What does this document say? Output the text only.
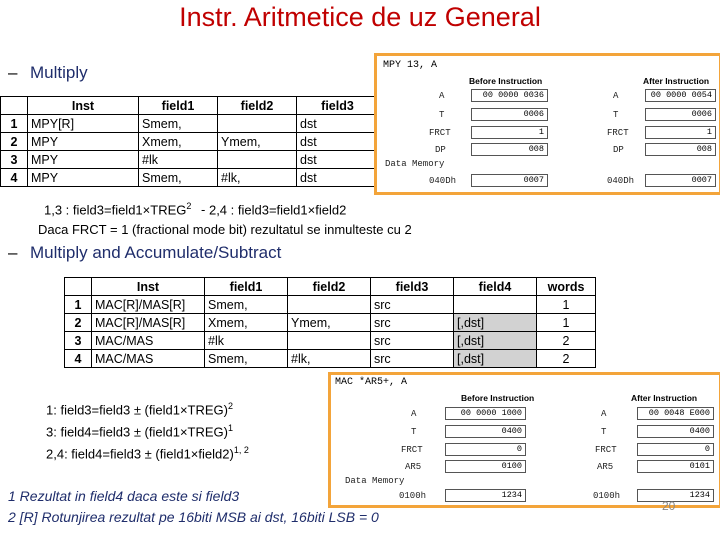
Instr. Aritmetice de uz General
– Multiply
	Inst	field1	field2	field3
1	MPY[R]	Smem,		dst
2	MPY	Xmem,	Ymem,	dst
3	MPY	#lk		dst
4	MPY	Smem,	#lk,	dst
MPY 13, A
Before Instruction	After Instruction
A	00 0000 0036	A	00 0000 0054
T	0006	T	0006
FRCT	1	FRCT	1
DP	008	DP	008
Data Memory
040Dh	0007	040Dh	0007
1,3 : $field3=field1\times TREG^2 - 2,4$ : field3=field1×field2
Daca FRCT = 1 (fractional mode bit) rezultatul se inmulteste cu 2
– Multiply and Accumulate/Subtract
	Inst	field1	field2	field3	field4	words
1	MAC[R]/MAS[R]	Smem,		src		1
2	MAC[R]/MAS[R]	Xmem,	Ymem,	src	[,dst]	1
3	MAC/MAS	#lk		src	[,dst]	2
4	MAC/MAS	Smem,	#lk,	src	[,dst]	2
MAC *AR5+, A
Before Instruction	After Instruction
A	00 0000 1000	A	00 0048 E000
T	0400	T	0400
FRCT	0	FRCT	0
AR5	0100	AR5	0101
Data Memory
0100h	1234	0100h	1234
1: field3=field3 ± (field1×TREG)$^2$
3: field4=field3 ± (field1×TREG)$^1$
2,4: field4=field3 ± (field1×field2)$^{1, 2}$
1 Rezultat in field4 daca este si field3
2 [R] Rotunjirea rezultat pe 16biti MSB ai dst, 16biti LSB = 0
20
